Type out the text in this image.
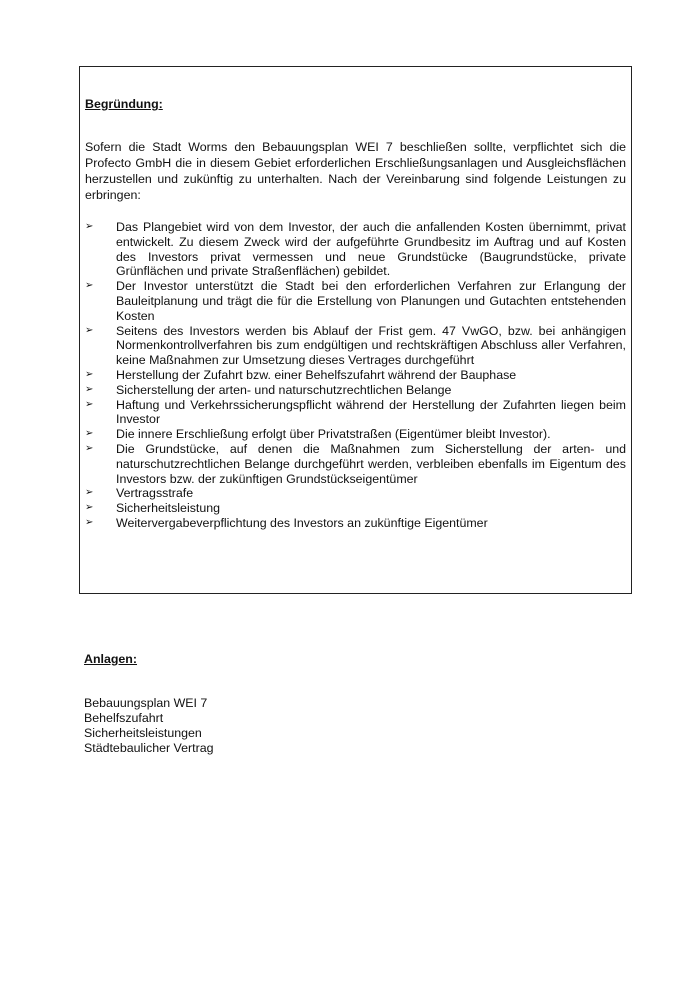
Begründung:

Sofern die Stadt Worms den Bebauungsplan WEI 7 beschließen sollte, verpflichtet sich die Profecto GmbH die in diesem Gebiet erforderlichen Erschließungsanlagen und Ausgleichsflächen herzustellen und zukünftig zu unterhalten. Nach der Vereinbarung sind folgende Leistungen zu erbringen:

➢ Das Plangebiet wird von dem Investor, der auch die anfallenden Kosten übernimmt, privat entwickelt. Zu diesem Zweck wird der aufgeführte Grundbesitz im Auftrag und auf Kosten des Investors privat vermessen und neue Grundstücke (Baugrundstücke, private Grünflächen und private Straßenflächen) gebildet.
➢ Der Investor unterstützt die Stadt bei den erforderlichen Verfahren zur Erlangung der Bauleitplanung und trägt die für die Erstellung von Planungen und Gutachten entstehenden Kosten
➢ Seitens des Investors werden bis Ablauf der Frist gem. 47 VwGO, bzw. bei anhängigen Normenkontrollverfahren bis zum endgültigen und rechtskräftigen Abschluss aller Verfahren, keine Maßnahmen zur Umsetzung dieses Vertrages durchgeführt
➢ Herstellung der Zufahrt bzw. einer Behelfszufahrt während der Bauphase
➢ Sicherstellung der arten- und naturschutzrechtlichen Belange
➢ Haftung und Verkehrssicherungspflicht während der Herstellung der Zufahrten liegen beim Investor
➢ Die innere Erschließung erfolgt über Privatstraßen (Eigentümer bleibt Investor).
➢ Die Grundstücke, auf denen die Maßnahmen zum Sicherstellung der arten- und naturschutzrechtlichen Belange durchgeführt werden, verbleiben ebenfalls im Eigentum des Investors bzw. der zukünftigen Grundstückseigentümer
➢ Vertragsstrafe
➢ Sicherheitsleistung
➢ Weitervergabeverpflichtung des Investors an zukünftige Eigentümer

Anlagen:

Bebauungsplan WEI 7
Behelfszufahrt
Sicherheitsleistungen
Städtebaulicher Vertrag
